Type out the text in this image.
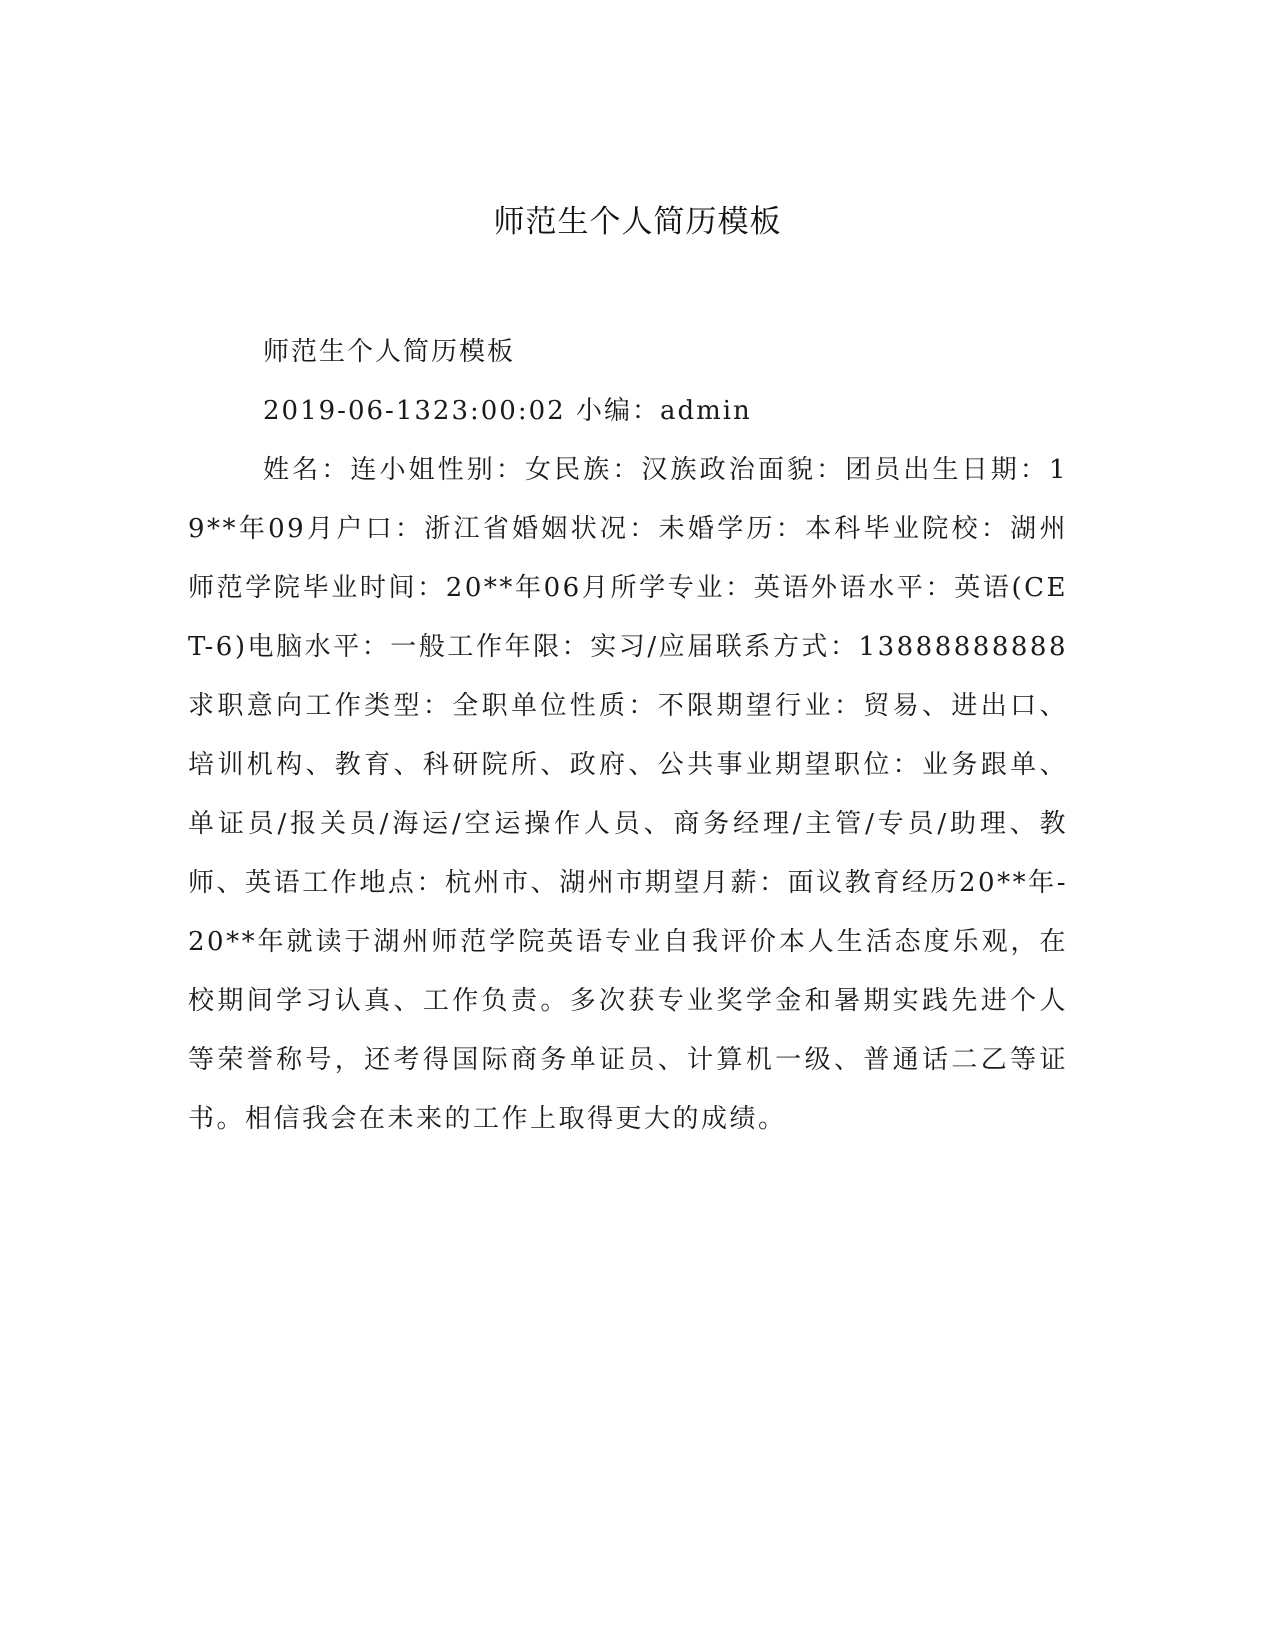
师范生个人简历模板
师范生个人简历模板
2019-06-1323:00:02 小编：admin
姓名：连小姐性别：女民族：汉族政治面貌：团员出生日期：19**年09月户口：浙江省婚姻状况：未婚学历：本科毕业院校：湖州师范学院毕业时间：20**年06月所学专业：英语外语水平：英语(CET-6)电脑水平：一般工作年限：实习/应届联系方式：13888888888求职意向工作类型：全职单位性质：不限期望行业：贸易、进出口、培训机构、教育、科研院所、政府、公共事业期望职位：业务跟单、单证员/报关员/海运/空运操作人员、商务经理/主管/专员/助理、教师、英语工作地点：杭州市、湖州市期望月薪：面议教育经历20**年-20**年就读于湖州师范学院英语专业自我评价本人生活态度乐观，在校期间学习认真、工作负责。多次获专业奖学金和暑期实践先进个人等荣誉称号，还考得国际商务单证员、计算机一级、普通话二乙等证书。相信我会在未来的工作上取得更大的成绩。
